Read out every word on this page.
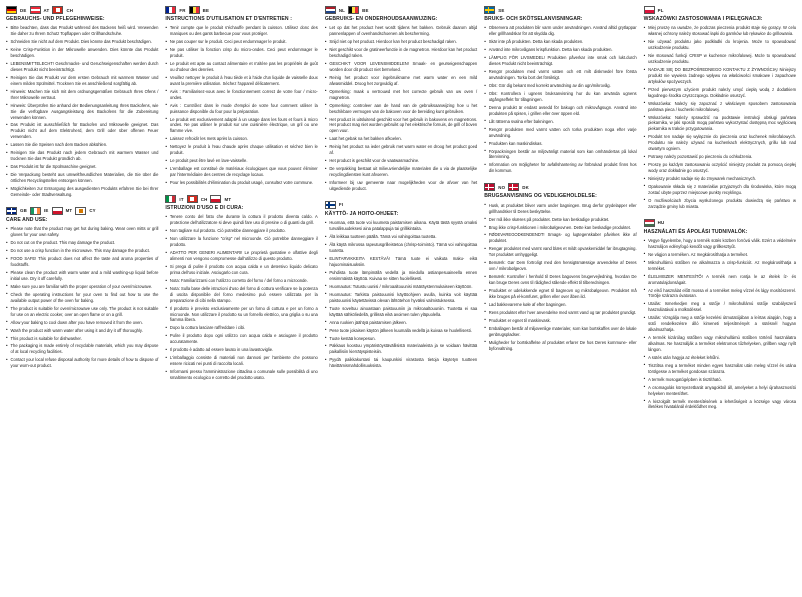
DE	AT	CH
GEBRAUCHS- UND PFLEGEHINWEISE:
• Bitte beachten, dass das Produkt während des Backens heiß wird. Verwenden Sie daher zu Ihrem Schutz Topflappen oder Grillhandschuhe.
• Schneiden Sie nicht auf dem Produkt. Dies könnte das Produkt beschädigen.
• Keine Crisp-Funktion in der Mikrowelle anwenden. Dies könnte das Produkt beschädigen.
• LEBENSMITTELECHT! Geschmacks- und Geruchseigenschaften werden durch dieses Produkt nicht beeinträchtigt.
• Reinigen Sie das Produkt vor dem ersten Gebrauch mit warmem Wasser und einem milden Spülmittel. Trocknen Sie es anschließend sorgfältig ab.
• Hinweis: Machen Sie sich mit dem ordnungsgemäßen Gebrauch Ihres Ofens / Ihrer Mikrowelle vertraut.
• Hinweis: Überprüfen Sie anhand der Bedienungsanleitung Ihres Backofens, wie Sie die verfügbare Ausgangsleistung des Backofens für die Zubereitung verwenden können.
• Das Produkt ist ausschließlich für Backofen und Mikrowelle geeignet. Das Produkt nicht auf dem Elektroherd, dem Grill oder über offenen Feuer verwenden.
• Lassen Sie die Speisen nach dem Backen abkühlen.
• Reinigen Sie das Produkt nach jedem Gebrauch mit warmem Wasser und trocknen Sie das Produkt gründlich ab.
• Das Produkt ist für die Spülmaschine geeignet.
• Die Verpackung besteht aus umweltfreundlichen Materialien, die Sie über die örtlichen Recyclingstellen entsorgen können.
• Möglichkeiten zur Entsorgung des ausgedienten Produkts erfahren Sie bei Ihrer Gemeinde- oder Stadtverwaltung.
GB	IE	MT	CY
CARE AND USE:
• Please note that the product may get hot during baking. Wear oven mitts or grill gloves for your own safety.
• Do not cut on the product. This may damage the product.
• Do not use a crisp function in the microwave. This may damage the product.
• FOOD SAFE! This product does not affect the taste and aroma properties of foodstuffs.
• Please clean the product with warm water and a mild washing-up liquid before initial use. Dry it off carefully.
• Make sure you are familiar with the proper operation of your oven/microwave.
• Check the operating instructions for your oven to find out how to use the available output power of the oven for baking.
• The product is suitable for oven/microwave use only. The product is not suitable for use on an electric cooker, over an open flame or on a grill.
• Allow your baking to cool down after you have removed it from the oven.
• Wash the product with warm water after using it and dry it off thoroughly.
• This product is suitable for dishwasher.
• The packaging is made entirely of recyclable materials, which you may dispose of at local recycling facilities.
• Contact your local refuse disposal authority for more details of how to dispose of your worn-out product.
FR	BE
INSTRUCTIONS D'UTILISATION ET D'ENTRETIEN :
• Tenir compte que le produit s'échauffe pendant la cuisson. Utilisez donc des maniques ou des gants barbecue pour vous protéger.
• Ne pas couper sur le produit. Ceci peut endommager le produit.
• Ne pas utiliser la fonction crisp du micro-ondes. Ceci peut endommager le produit.
• Le produit est apte au contact alimentaire et n'altère pas les propriétés de goût ou d'odeur des denrées.
• Veuillez nettoyer le produit à l'eau tiède et à l'aide d'un liquide de vaisselle doux avant la première utilisation. Séchez l'appareil délicatement.
• Avis : Familiarisez-vous avec le fonctionnement correct de votre four / micro-ondes.
• Avis : Contrôlez dans le mode d'emploi de votre four comment utiliser la puissance disponible du four pour la préparation.
• Le produit est exclusivement adapté à un usage dans les fours et fours à micro ondes. Ne pas utiliser le produit sur une cuisinière électrique, un gril ou une flamme vive.
• Laissez refroidir les mets après la cuisson.
• Nettoyez le produit à l'eau chaude après chaque utilisation et séchez bien le produit.
• Le produit peut être lavé en lave-vaisselle.
• L'emballage est constitué de matériaux écologiques que vous pouvez éliminer par l'intermédiaire des centres de recyclage locaux.
• Pour les possibilités d'élimination du produit usagé, consultez votre commune.
IT	CH	MT
ISTRUZIONI D'USO E DI CURA:
• Tenere conto del fatto che durante la cottura il prodotto diventa caldo. A protezione dell'utilizzatore si deve quindi fare uso di presine o di guanti da grill.
• Non tagliare sul prodotto. Ciò potrebbe danneggiare il prodotto.
• Non utilizzare la funzione "crisp" nel microonde. Ciò potrebbe danneggiare il prodotto.
• ADATTO PER GENERI ALIMENTARI! Le proprietà gustative e olfattive degli alimenti non vengono compromesse dall'utilizzo di questo prodotto.
• Si prega di pulire il prodotto con acqua calda e un detersivo liquido delicato prima dell'uso iniziale. Asciugarlo con cura.
• Nota: Familiarizzarsi con l'utilizzo corretto del forno / del forno a microonde.
• Nota: Sulla base delle istruzioni d'uso del forno di cottura verificare se la potenza di uscita disponibile del forno medesimo può essere utilizzata per la preparazione di cibi nella stampo.
• Il prodotto è previsto esclusivamente per un forno di cottura e per un forno a microonde. Non utilizzare il prodotto su un fornello elettrico, una griglia o su una fiamma libera.
• Dopo la cottura lasciare raffreddare i cibi.
• Pulire il prodotto dopo ogni utilizzo con acqua calda e asciugare il prodotto accuratamente.
• Il prodotto è adatto ad essere lavato in una lavastoviglie.
• L'imballaggio consiste di materiali non dannosi per l'ambiente che possono essere ricicati nei punti di raccolta locali.
• Informarsi presso l'amministrazione cittadina o comunale sulle possibilità di uno smaltimento ecologico e corretto del prodotto usato.
NL	BE
GEBRUIKS- EN ONDERHOUDSAANWIJZING:
• Let op dat het product heet wordt tijdens het bakken. Gebruik daarom altijd pannenlappen of ovenhandschoenen als bescherming.
• Snijd niet op het product. Hierdoor kan het product beschadigd raken.
• Niet geschikt voor de gratineerfunctie in de magnetron. Hierdoor kan het product beschadigd raken.
• GESCHIKT VOOR LEVENSMIDDELEN! Smaak- en geurseigenschappen worden door dit product niet beïnvloed.
• Reinig het product voor ingebruikname met warm water en een mild afwasmiddel. Droog het zorgvuldig af.
• Opmerking: maak u vertrouwd met het correcte gebruik van uw oven / magnetron.
• Opmerking: controleer aan de hand van de gebruiksaanwijzing hoe u het beschikbare vermogen van de bakoven voor de bereiding kunt gebruiken.
• Het product is uitsluitend geschikt voor het gebruik in bakovens en magnetrons. Het product mag niet worden gebruikt op het elektrische fornuis, de grill of boven open vuur.
• Laat het gebak na het bakken afkoelen.
• Reinig het product na ieder gebruik met warm water en droog het product goed af.
• Het product is geschikt voor de vaatwasmachine.
• De verpakking bestaat uit milieuvriendelijke materialen die u via de plaatselijke recyclingdiensten kunt afvoeren.
• Informeer bij uw gemeente naar mogelijkheden voor de afvoer van het uitgediende product.
FI
KÄYTTÖ- JA HOITO-OHJEET:
• Huomaa, että tuote voi kuumeta paistamisen aikana. Käytä tästä syystä omaksi turvallisuudeksesi aina patalappuja tai grillikintaita.
• Älä leikkaa tuotteen päällä. Tämä voi vahingoittaa tuotetta.
• Älä käytä mikrossa rapeutusgrilleistetoa (chrisp-toiminto). Tämä voi vahingoittaa tuotetta.
• ELINTARVIKKEITA KESTÄVÄ! Tämä tuote ei vaikuta maku- eikä hajuominaisuuksiin.
• Puhdista tuote lämpimällä vedellä ja miedolla astianpesuaineella ennen ensimmäistä käyttöä. Kuivaa se sitten huolellisesti.
• Huomautus: Tutustu uunisi / mikroaaltouunisi määräystenmukaiseen käyttöön.
• Huomautus: Tarkista paistouunisi käyttöohjeen avulla, kuinka voit käyttää paistouunisi käytettävissä olevan lähtötehon hyväksi valmistuksessa.
• Tuote soveltuu ainoastaan paistouuniin ja mikroaaltouuniin. Tuotetta ei saa käyttää sähköliedellä, grillissä eikä avoimen tulen yläpuolella.
• Anna ruokien jäähtyä paistamisen jälkeen.
• Pese tuote jokaisen käytön jälkeen kuumalla vedellä ja kuivaa se huolellisesti.
• Tuote kestää konepesun.
• Pakkaus koostuu ympäristöystävällisistä materiaaleista ja se voidaan hävittää paikallisiin kierrätyspisteisiin.
• Pyydä paikkakuntasi tai kaupunkisi virastosta tietoja käytetyn tuotteen hävittämismahdollisuuksista.
SE
BRUKS- OCH SKÖTSELANVISNINGAR:
• Observera att produkten blir varm under användningen. Använd alltid grytlappar eller grillhandskar för att skydda dig.
• Skär inte på produkten. Detta kan skada produkten.
• Använd inte mikrovågans krispfunktion. Detta kan skada produkten.
• LÄMPLIG FÖR LIVSMEDEL! Produkten påverkar inte smak och lukt.durch dieses Produkt nicht beeinträchtigt.
• Rengör produkten med varmt vatten och ett milt diskmedel före första användningen. Torka bort det försiktigt.
• Obs: Gör dig bekant med korrekt användning av din ugn/mikrovåg.
• Obs: Kontrollera i ugnens bruksanvisning hur du kan använda ugnens utgångseffekt för tillagningen.
• Denna produkt är endast avsedd för bakugn och mikrovågsugn. Använd inte produkten på spisen, i grillen eller över öppen eld.
• Låt rätterna svalna efter bakningen.
• Rengör produkten med varmt vatten och torka produkten noga efter varje användning.
• Produkten kan maskindiskas.
• Förpackningen består av miljövänligt material som kan omhändertas på lokal återvinning.
• Information om möjligheter för avfallshantering av förbrukad produkt finns hos din kommun.
NO	DK
BRUGSANVISNING OG VEDLIGEHOLDELSE:
• Husk, at produktet bliver varm under bagningen. Brug derfor grydelapper eller grillhandsker til Deres beskyttelse.
• Der må ikke skæres på produktet. Dette kan beskadige produktet.
• Brug ikke crisp-funktionen i mikrobølgeovnen. Dette kan beskadige produktet.
• FØDEVAREGODKENDENDT! Smags- og lugtegenskaber påvirkes ikke af produktet.
• Rengør produktet med varmt vand blæs et mildt opvaskemiddel før ibrugtagning. Tør produktet omhyggeligt.
• Bemærk: Gør Dem fortroligt med den hensigtsmæssige anvendelse af Deres ovn / mikrobølgeovn.
• Bemærk: Kontroller i henhold til Deres bagovens brugervejledning, hvordan De kan bruge Deres ovns til rådighed stående effekt til tilberedningen.
• Produktet er udelukkende egnet til bagreovn og mikrobølgeovn. Produktet må ikke bruges på el-komfuret, grillen eller over åben ild.
• Lad bakkevarerne køle af efter bagningen.
• Rens produktet efter hver anvendelse med varmt vand og tør produktet grundigt.
• Produktet er egnet til maskinvask.
• Emballagen består af miljøvenlige materialer, som kan bortskaffes over de lokale genbrugspladser.
• Muligheder for bortskaffelse af produktet erfarer De hos Deres kommune- eller byforvaltning.
PL
WSKAZÓWKI ZASTOSOWANIA I PIELĘGNACJI:
• Miej proszę na uwadze, że podczas pieczenia produkt staje się gorący. W celu własnej ochrony należy stosować łapki do garnków lub rękawice do grillowania.
• Nie używać produktu jako podkładki do krojenia. Może to spowodować uszkodzenie produktu.
• Nie stosować funkcji CRISP w kuchence mikrofalowej. Może to spowodować uszkodzenie produktu.
• NADAJE SIĘ DO BEZPOŚREDNIEGO KONTAKTU Z ŻYWNOŚCIĄ! Niniejszy produkt nie wywiera żadnego wpływu na właściwości smakowe i zapachowe artykułów spożywczych.
• Przed pierwszym użyciem produkt należy umyć ciepłą wodą z dodatkiem łagodnego środka czyszczącego. Dokładnie osuszyć.
• Wskazówka: Należy się zapoznać z właściwym sposobem zastosowania państwa pieca / kuchenki mikrofalowej.
• Wskazówka: Należy sprawdzić na podstawie instrukcji obsługi państwa piekarnika, w jaki sposób mogą państwo wykorzystać dostępną moc wyjściową piekarnika w trakcie przygotowania.
• Produkt ten nadaje się wyłącznie do pieczenia oraz kuchenek mikrofalowych. Produktu nie należy używać na kuchenkach elektrycznych, grillu lub nad otwartym ogniem.
• Potrawy należy pozostawić po pieczeniu do ochłodzenia.
• Proszę po każdym zastosowaniu oczyścić niniejszy produkt za pomocą ciepłej wody oraz dokładnie go osuszyć.
• Niniejszy produkt nadaje się do zmywarek mechanicznych.
• Opakowanie składa się z materiałów przyjaznych dla środowiska, które mogą zostać ubyte poprzez miejscowe punkty recyklingu.
• O możliwościach zbycia wysłużonego produktu dowiedzą się państwo w zarządzie gminy lub miasta.
HU
HASZNÁLATI ÉS ÁPOLÁSI TUDNIVALÓK:
• Vegye figyelembe, hogy a termék sütés közben forróvá válik. Ezért a védelmére használjon edényfogó kendőt vagy grillkesztyűt.
• Ne vágjon a terméken. Az megkárosíthatja a terméket.
• Mikrohullámú sütőben ne alkalmazza a crisp-funkciót. Az megkárosíthatja a terméket.
• ÉLELMISZER MENTESÍTŐ! A termék nem rontja le az ételek íz- és aromatulajdonságait.
• Az első használat előtt mossa el a terméket meleg vízzel és lágy mosítószerrel. Törölje szárazra óvatosan.
• Utalás: Ismerkedjen meg a sütője / mikrohullámú sütője szabályszerű használatával a mülködéssel.
• Utalás: Vizsgálja meg a sütője kezelési útmutatójában a leírtas alapján, hogy a sütő rendelkezésre álló kimeneti teljesítményét a sütésnél hogyan alkalmazhatja.
• A termék kizárólag sütőben vagy mikrohullámú sütőben történő használatra alkalmas. Ne használják a terméket elektromos tűzhelyeken, grillben vagy nyílt lángon.
• A sütés után hagyja az ételeket lehűlni.
• Tisztítsa meg a terméket minden egyes használat után meleg vízzel és utána törölgesse a terméket gondosan szárazra.
• A termék mosogatógépben is tisztítható.
• A csomagolás környezetbarát anyagokból áll, amelyeket a helyi újrahasznosító helyeken mentesíthet.
• A kiszolgált termék mentesítésének a lehetőségeit a községe vagy városa illetékes hivatalánál érdeklődhet meg.
